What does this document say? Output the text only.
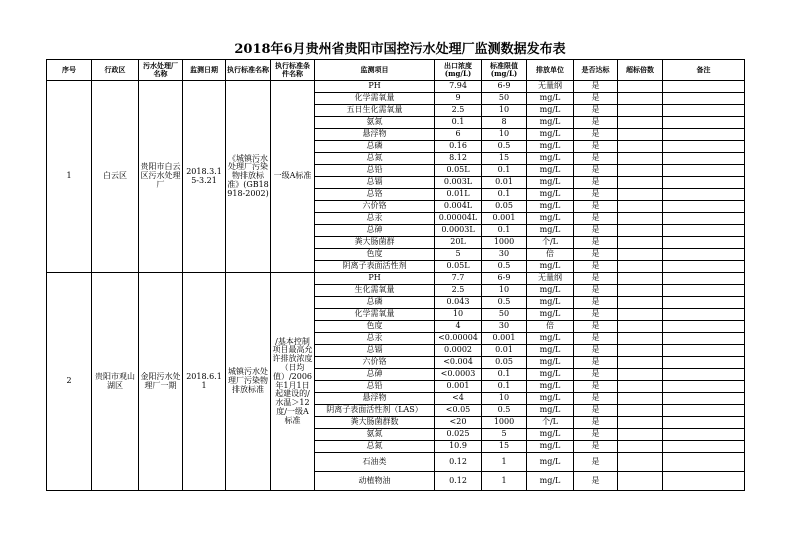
2018年6月贵州省贵阳市国控污水处理厂监测数据发布表
序号	行政区	污水处理厂名称	监测日期	执行标准名称	执行标准条件名称	监测项目	出口浓度(mg/L)	标准限值(mg/L)	排放单位	是否达标	超标倍数	备注
1	白云区	贵阳市白云区污水处理厂	2018.3.15-3.21	《城镇污水处理厂污染物排放标准》(GB18918-2002)	一级A标准	PH	7.94	6-9	无量纲	是		
						化学需氧量	9	50	mg/L	是		
						五日生化需氧量	2.5	10	mg/L	是		
						氨氮	0.1	8	mg/L	是		
						悬浮物	6	10	mg/L	是		
						总磷	0.16	0.5	mg/L	是		
						总氮	8.12	15	mg/L	是		
						总铅	0.05L	0.1	mg/L	是		
						总镉	0.003L	0.01	mg/L	是		
						总铬	0.01L	0.1	mg/L	是		
						六价铬	0.004L	0.05	mg/L	是		
						总汞	0.00004L	0.001	mg/L	是		
						总砷	0.0003L	0.1	mg/L	是		
						粪大肠菌群	20L	1000	个/L	是		
						色度	5	30	倍	是		
						阴离子表面活性剂	0.05L	0.5	mg/L	是		
2	贵阳市观山湖区	金阳污水处理厂一期	2018.6.11	城镇污水处理厂污染物排放标准	/基本控制项目最高允许排放浓度（日均值）/2006年1月1日起建设的/水温＞12度/一级A 标准	PH	7.7	6-9	无量纲	是		
						生化需氧量	2.5	10	mg/L	是		
						总磷	0.043	0.5	mg/L	是		
						化学需氧量	10	50	mg/L	是		
						色度	4	30	倍	是		
						总汞	<0.00004	0.001	mg/L	是		
						总镉	0.0002	0.01	mg/L	是		
						六价铬	<0.004	0.05	mg/L	是		
						总砷	<0.0003	0.1	mg/L	是		
						总铅	0.001	0.1	mg/L	是		
						悬浮物	<4	10	mg/L	是		
						阴离子表面活性剂（LAS）	<0.05	0.5	mg/L	是		
						粪大肠菌群数	<20	1000	个/L	是		
						氨氮	0.025	5	mg/L	是		
						总氮	10.9	15	mg/L	是		
						石油类	0.12	1	mg/L	是		
						动植物油	0.12	1	mg/L	是		
